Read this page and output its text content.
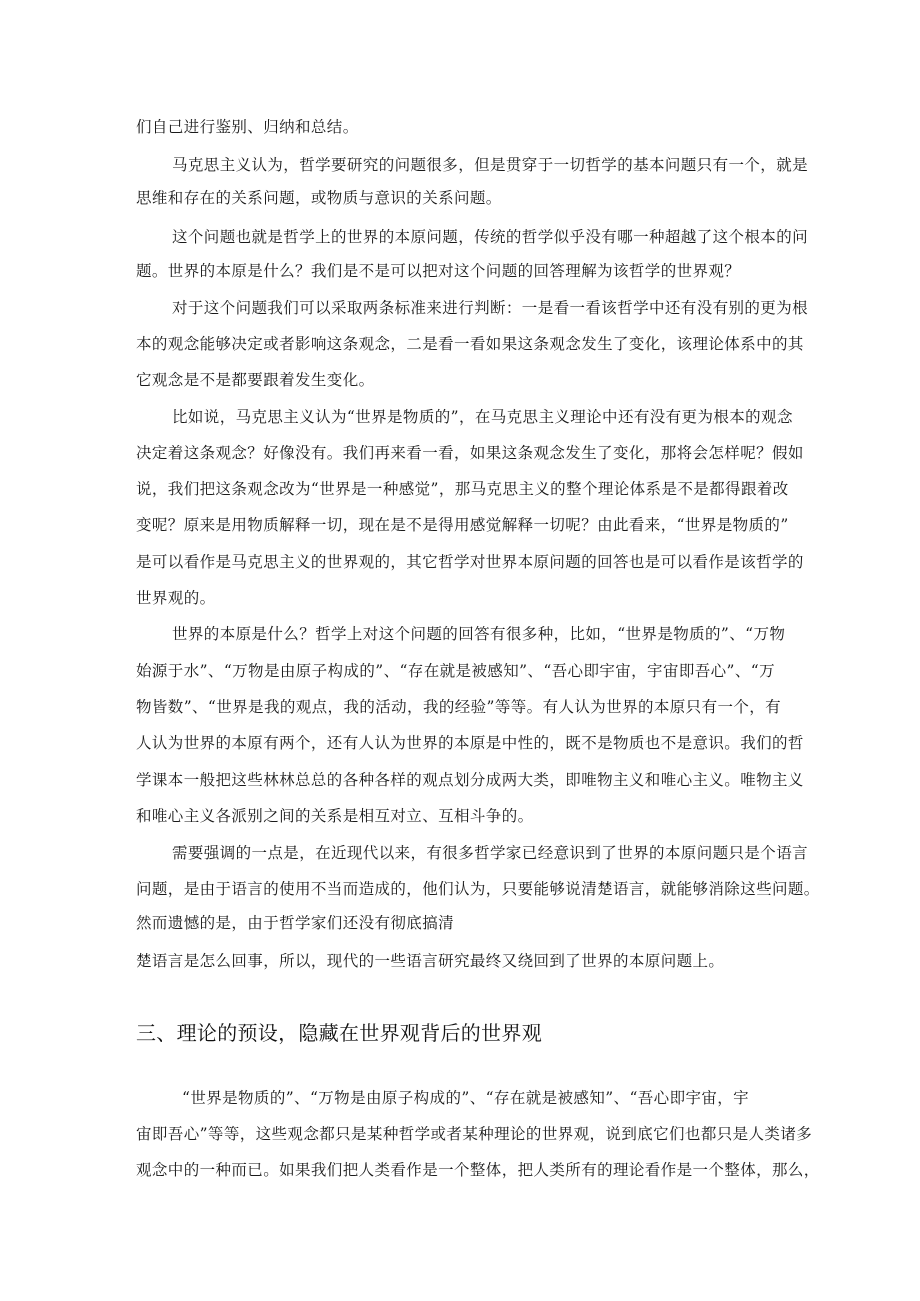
们自己进行鉴别、归纳和总结。
马克思主义认为，哲学要研究的问题很多，但是贯穿于一切哲学的基本问题只有一个，就是
思维和存在的关系问题，或物质与意识的关系问题。
这个问题也就是哲学上的世界的本原问题，传统的哲学似乎没有哪一种超越了这个根本的问
题。世界的本原是什么？我们是不是可以把对这个问题的回答理解为该哲学的世界观？
对于这个问题我们可以采取两条标准来进行判断：一是看一看该哲学中还有没有别的更为根
本的观念能够决定或者影响这条观念，二是看一看如果这条观念发生了变化，该理论体系中的其
它观念是不是都要跟着发生变化。
比如说，马克思主义认为“世界是物质的”，在马克思主义理论中还有没有更为根本的观念
决定着这条观念？好像没有。我们再来看一看，如果这条观念发生了变化，那将会怎样呢？假如
说，我们把这条观念改为“世界是一种感觉”，那马克思主义的整个理论体系是不是都得跟着改
变呢？原来是用物质解释一切，现在是不是得用感觉解释一切呢？由此看来，“世界是物质的”
是可以看作是马克思主义的世界观的，其它哲学对世界本原问题的回答也是可以看作是该哲学的
世界观的。
世界的本原是什么？哲学上对这个问题的回答有很多种，比如，“世界是物质的”、“万物
始源于水”、“万物是由原子构成的”、“存在就是被感知”、“吾心即宇宙，宇宙即吾心”、“万
物皆数”、“世界是我的观点，我的活动，我的经验”等等。有人认为世界的本原只有一个，有
人认为世界的本原有两个，还有人认为世界的本原是中性的，既不是物质也不是意识。我们的哲
学课本一般把这些林林总总的各种各样的观点划分成两大类，即唯物主义和唯心主义。唯物主义
和唯心主义各派别之间的关系是相互对立、互相斗争的。
需要强调的一点是，在近现代以来，有很多哲学家已经意识到了世界的本原问题只是个语言
问题，是由于语言的使用不当而造成的，他们认为，只要能够说清楚语言，就能够消除这些问题。
然而遗憾的是，由于哲学家们还没有彻底搞清
楚语言是怎么回事，所以，现代的一些语言研究最终又绕回到了世界的本原问题上。
三、理论的预设，隐藏在世界观背后的世界观
“世界是物质的”、“万物是由原子构成的”、“存在就是被感知”、“吾心即宇宙，宇
宙即吾心”等等，这些观念都只是某种哲学或者某种理论的世界观，说到底它们也都只是人类诸多
观念中的一种而已。如果我们把人类看作是一个整体，把人类所有的理论看作是一个整体，那么，
